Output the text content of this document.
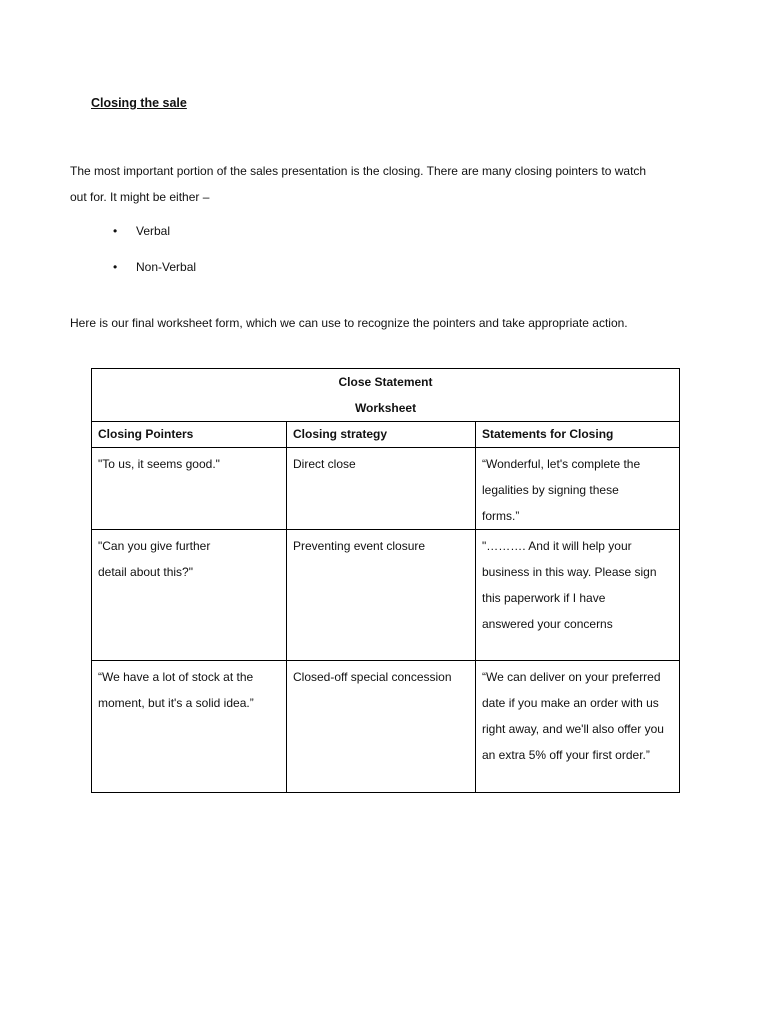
Closing the sale

The most important portion of the sales presentation is the closing. There are many closing pointers to watch
out for. It might be either –

•	Verbal
•	Non-Verbal

Here is our final worksheet form, which we can use to recognize the pointers and take appropriate action.

Close Statement
Worksheet		

Closing Pointers	Closing strategy	Statements for Closing

"To us, it seems good."	Direct close	“Wonderful, let's complete the
legalities by signing these
forms.”

"Can you give further
detail about this?"	Preventing event closure	"………. And it will help your
business in this way. Please sign
this paperwork if I have
answered your concerns

“We have a lot of stock at the
moment, but it's a solid idea.”	Closed-off special concession	“We can deliver on your preferred
date if you make an order with us
right away, and we'll also offer you
an extra 5% off your first order.”
